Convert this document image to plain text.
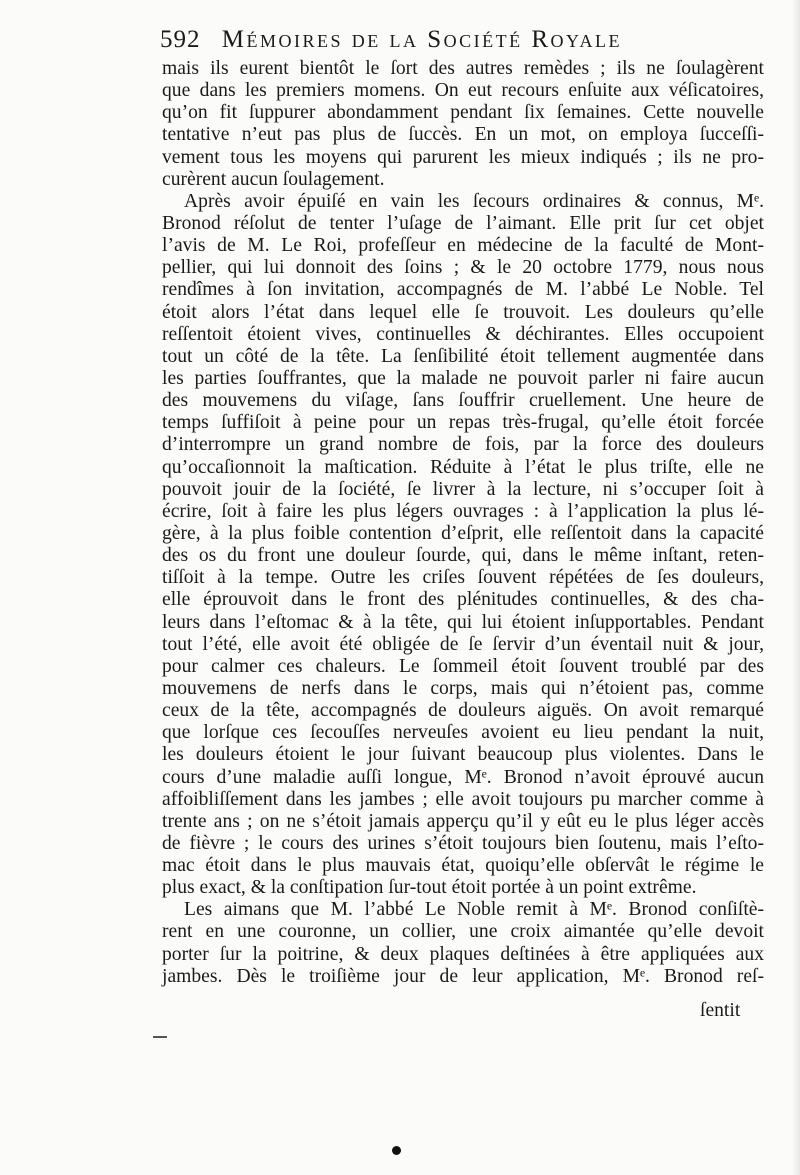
592 Mémoires de la Société Royale
mais ils eurent bientôt le ſort des autres remèdes ; ils ne ſoulagèrent
que dans les premiers momens. On eut recours enſuite aux véſicatoires,
qu’on fit ſuppurer abondamment pendant ſix ſemaines. Cette nouvelle
tentative n’eut pas plus de ſuccès. En un mot, on employa ſucceſſi-
vement tous les moyens qui parurent les mieux indiqués ; ils ne pro-
curèrent aucun ſoulagement.
Après avoir épuiſé en vain les ſecours ordinaires & connus, Mᵉ.
Bronod réſolut de tenter l’uſage de l’aimant. Elle prit ſur cet objet
l’avis de M. Le Roi, profeſſeur en médecine de la faculté de Mont-
pellier, qui lui donnoit des ſoins ; & le 20 octobre 1779, nous nous
rendîmes à ſon invitation, accompagnés de M. l’abbé Le Noble. Tel
étoit alors l’état dans lequel elle ſe trouvoit. Les douleurs qu’elle
reſſentoit étoient vives, continuelles & déchirantes. Elles occupoient
tout un côté de la tête. La ſenſibilité étoit tellement augmentée dans
les parties ſouffrantes, que la malade ne pouvoit parler ni faire aucun
des mouvemens du viſage, ſans ſouffrir cruellement. Une heure de
temps ſuffiſoit à peine pour un repas très-frugal, qu’elle étoit forcée
d’interrompre un grand nombre de fois, par la force des douleurs
qu’occaſionnoit la maſtication. Réduite à l’état le plus triſte, elle ne
pouvoit jouir de la ſociété, ſe livrer à la lecture, ni s’occuper ſoit à
écrire, ſoit à faire les plus légers ouvrages : à l’application la plus lé-
gère, à la plus foible contention d’eſprit, elle reſſentoit dans la capacité
des os du front une douleur ſourde, qui, dans le même inſtant, reten-
tiſſoit à la tempe. Outre les criſes ſouvent répétées de ſes douleurs,
elle éprouvoit dans le front des plénitudes continuelles, & des cha-
leurs dans l’eſtomac & à la tête, qui lui étoient inſupportables. Pendant
tout l’été, elle avoit été obligée de ſe ſervir d’un éventail nuit & jour,
pour calmer ces chaleurs. Le ſommeil étoit ſouvent troublé par des
mouvemens de nerfs dans le corps, mais qui n’étoient pas, comme
ceux de la tête, accompagnés de douleurs aiguës. On avoit remarqué
que lorſque ces ſecouſſes nerveuſes avoient eu lieu pendant la nuit,
les douleurs étoient le jour ſuivant beaucoup plus violentes. Dans le
cours d’une maladie auſſi longue, Mᵉ. Bronod n’avoit éprouvé aucun
affoibliſſement dans les jambes ; elle avoit toujours pu marcher comme à
trente ans ; on ne s’étoit jamais apperçu qu’il y eût eu le plus léger accès
de fièvre ; le cours des urines s’étoit toujours bien ſoutenu, mais l’eſto-
mac étoit dans le plus mauvais état, quoiqu’elle obſervât le régime le
plus exact, & la conſtipation ſur-tout étoit portée à un point extrême.
Les aimans que M. l’abbé Le Noble remit à Mᵉ. Bronod conſiſtè-
rent en une couronne, un collier, une croix aimantée qu’elle devoit
porter ſur la poitrine, & deux plaques deſtinées à être appliquées aux
jambes. Dès le troiſième jour de leur application, Mᵉ. Bronod reſ-
ſentit
